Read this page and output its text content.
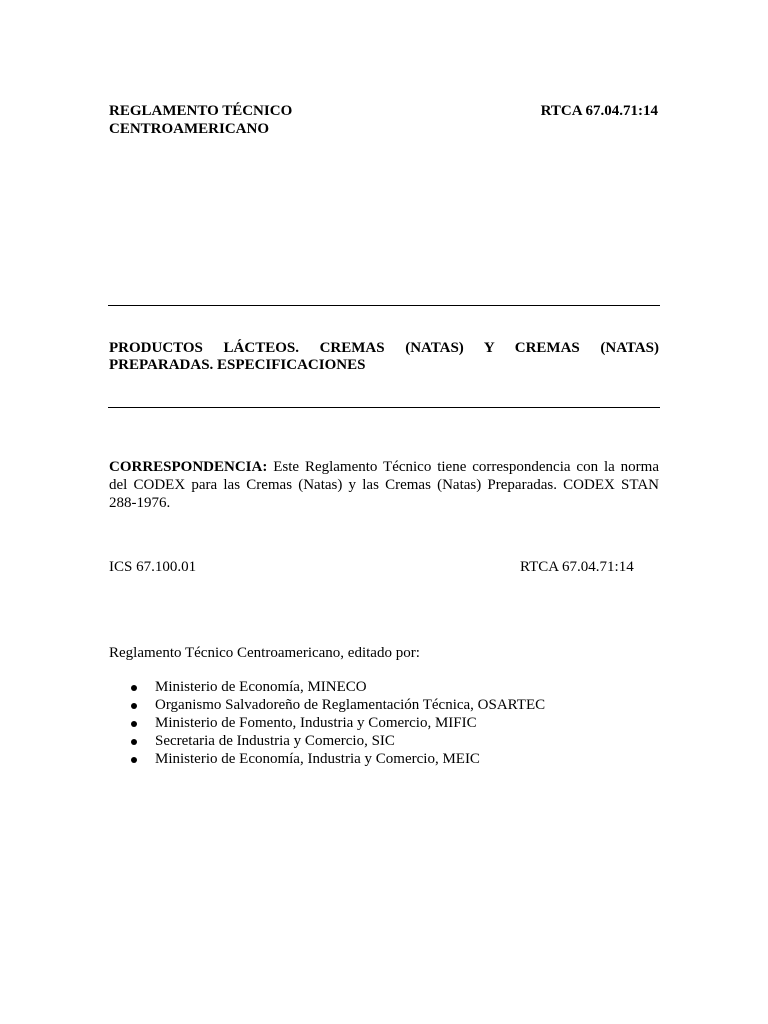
REGLAMENTO TÉCNICO
CENTROAMERICANO
RTCA 67.04.71:14
PRODUCTOS LÁCTEOS. CREMAS (NATAS) Y CREMAS (NATAS)
PREPARADAS. ESPECIFICACIONES
CORRESPONDENCIA: Este Reglamento Técnico tiene correspondencia con la norma del CODEX para las Cremas (Natas) y las Cremas (Natas) Preparadas. CODEX STAN 288-1976.
ICS 67.100.01	RTCA 67.04.71:14
Reglamento Técnico Centroamericano, editado por:
Ministerio de Economía, MINECO
Organismo Salvadoreño de Reglamentación Técnica, OSARTEC
Ministerio de Fomento, Industria y Comercio, MIFIC
Secretaria de Industria y Comercio, SIC
Ministerio de Economía, Industria y Comercio, MEIC
